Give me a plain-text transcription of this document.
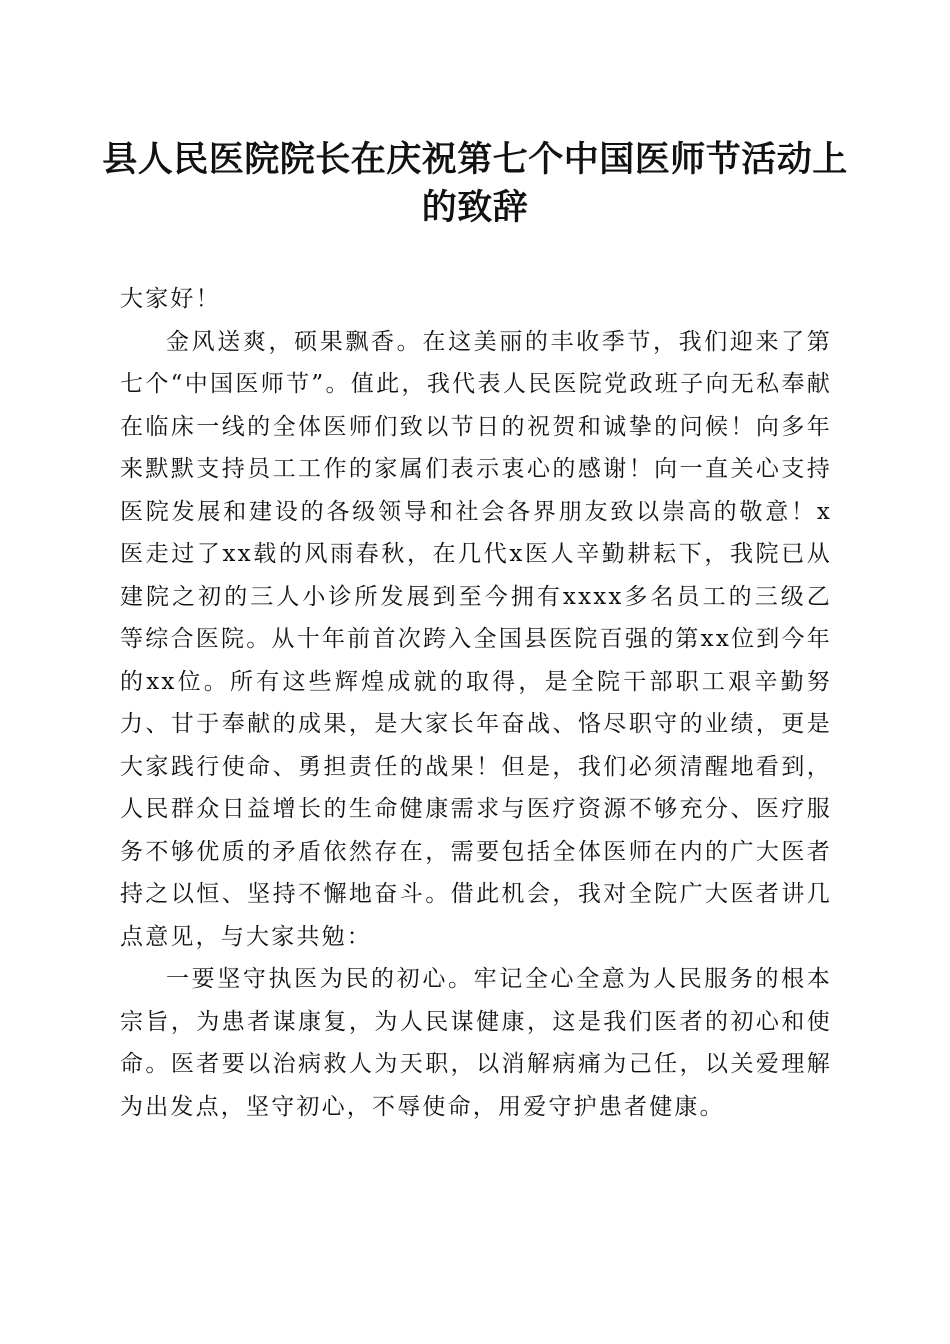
县人民医院院长在庆祝第七个中国医师节活动上的致辞

大家好！

金风送爽，硕果飘香。在这美丽的丰收季节，我们迎来了第七个“中国医师节”。值此，我代表人民医院党政班子向无私奉献在临床一线的全体医师们致以节日的祝贺和诚挚的问候！向多年来默默支持员工工作的家属们表示衷心的感谢！向一直关心支持医院发展和建设的各级领导和社会各界朋友致以崇高的敬意！x医走过了xx载的风雨春秋，在几代x医人辛勤耕耘下，我院已从建院之初的三人小诊所发展到至今拥有xxxx多名员工的三级乙等综合医院。从十年前首次跨入全国县医院百强的第xx位到今年的xx位。所有这些辉煌成就的取得，是全院干部职工艰辛勤努力、甘于奉献的成果，是大家长年奋战、恪尽职守的业绩，更是大家践行使命、勇担责任的战果！但是，我们必须清醒地看到，人民群众日益增长的生命健康需求与医疗资源不够充分、医疗服务不够优质的矛盾依然存在，需要包括全体医师在内的广大医者持之以恒、坚持不懈地奋斗。借此机会，我对全院广大医者讲几点意见，与大家共勉：

一要坚守执医为民的初心。牢记全心全意为人民服务的根本宗旨，为患者谋康复，为人民谋健康，这是我们医者的初心和使命。医者要以治病救人为天职，以消解病痛为己任，以关爱理解为出发点，坚守初心，不辱使命，用爱守护患者健康。
